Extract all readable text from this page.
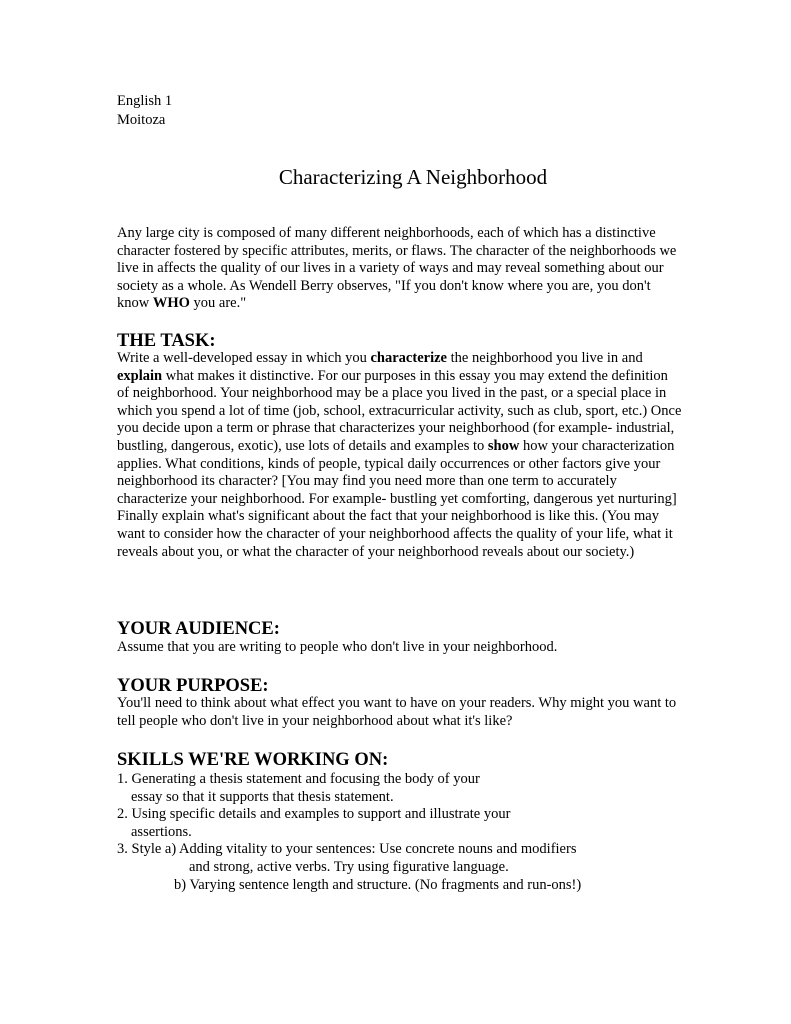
English 1
Moitoza
Characterizing A Neighborhood

Any large city is composed of many different neighborhoods, each of which has a distinctive character fostered by specific attributes, merits, or flaws. The character of the neighborhoods we live in affects the quality of our lives in a variety of ways and may reveal something about our society as a whole. As Wendell Berry observes, "If you don't know where you are, you don't know WHO you are."

THE TASK:

Write a well-developed essay in which you characterize the neighborhood you live in and explain what makes it distinctive. For our purposes in this essay you may extend the definition of neighborhood. Your neighborhood may be a place you lived in the past, or a special place in which you spend a lot of time (job, school, extracurricular activity, such as club, sport, etc.) Once you decide upon a term or phrase that characterizes your neighborhood (for example- industrial, bustling, dangerous, exotic), use lots of details and examples to show how your characterization applies. What conditions, kinds of people, typical daily occurrences or other factors give your neighborhood its character? [You may find you need more than one term to accurately characterize your neighborhood. For example- bustling yet comforting, dangerous yet nurturing] Finally explain what's significant about the fact that your neighborhood is like this. (You may want to consider how the character of your neighborhood affects the quality of your life, what it reveals about you, or what the character of your neighborhood reveals about our society.)

YOUR AUDIENCE:

Assume that you are writing to people who don't live in your neighborhood.

YOUR PURPOSE:

You'll need to think about what effect you want to have on your readers. Why might you want to tell people who don't live in your neighborhood about what it's like?

SKILLS WE'RE WORKING ON:
1. Generating a thesis statement and focusing the body of your
essay so that it supports that thesis statement.
2. Using specific details and examples to support and illustrate your
assertions.
3. Style a) Adding vitality to your sentences: Use concrete nouns and modifiers
and strong, active verbs. Try using figurative language.
b) Varying sentence length and structure. (No fragments and run-ons!)
